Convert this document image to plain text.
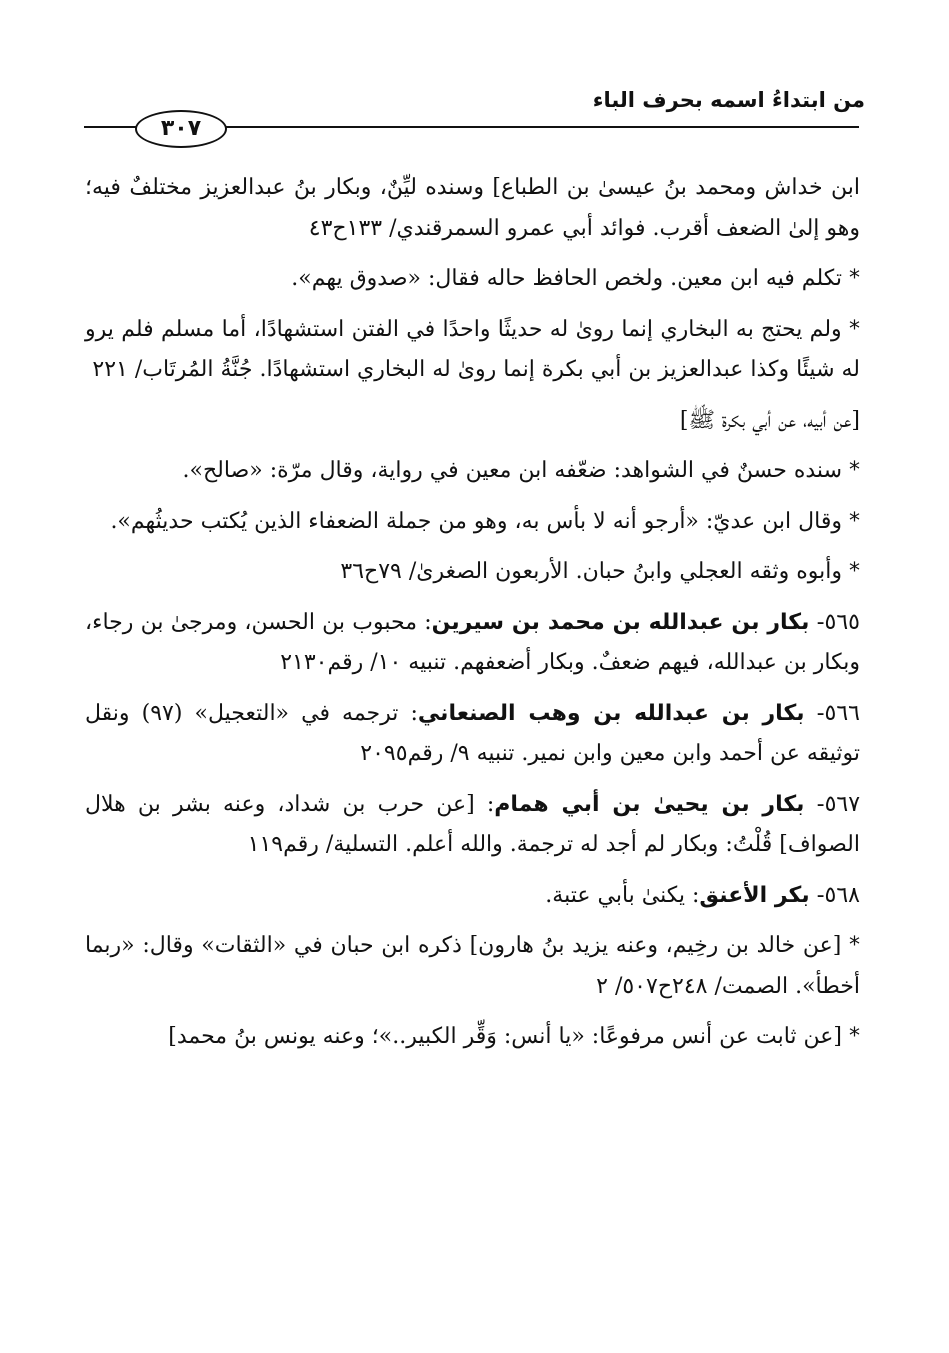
من ابتداءُ اسمه بحرف الباء
٣٠٧

ابن خداش ومحمد بنُ عيسىٰ بن الطباع] وسنده ليِّنٌ، وبكار بنُ عبدالعزيز مختلفٌ فيه؛ وهو إلىٰ الضعف أقرب. فوائد أبي عمرو السمرقندي/ ١٣٣ح٤٣

* تكلم فيه ابن معين. ولخص الحافظ حاله فقال: «صدوق يهم».

* ولم يحتج به البخاري إنما روىٰ له حديثًا واحدًا في الفتن استشهادًا، أما مسلم فلم يرو له شيئًا وكذا عبدالعزيز بن أبي بكرة إنما روىٰ له البخاري استشهادًا. جُنَّةُ المُرتَاب/ ٢٢١

[عن أبيه، عن أبي بكرة ﷺ]

* سنده حسنٌ في الشواهد: ضعّفه ابن معين في رواية، وقال مرّة: «صالح».

* وقال ابن عديّ: «أرجو أنه لا بأس به، وهو من جملة الضعفاء الذين يُكتب حديثُهم».

* وأبوه وثقه العجلي وابنُ حبان. الأربعون الصغرىٰ/ ٧٩ح٣٦

٥٦٥- بكار بن عبدالله بن محمد بن سيرين: محبوب بن الحسن، ومرجىٰ بن رجاء، وبكار بن عبدالله، فيهم ضعفٌ. وبكار أضعفهم. تنبيه ١٠/ رقم٢١٣٠

٥٦٦- بكار بن عبدالله بن وهب الصنعاني: ترجمه في «التعجيل» (٩٧) ونقل توثيقه عن أحمد وابن معين وابن نمير. تنبيه ٩/ رقم٢٠٩٥

٥٦٧- بكار بن يحيىٰ بن أبي همام: [عن حرب بن شداد، وعنه بشر بن هلال الصواف] قُلْتُ: وبكار لم أجد له ترجمة. والله أعلم. التسلية/ رقم١١٩

٥٦٨- بكر الأعنق: يكنىٰ بأبي عتبة.

* [عن خالد بن رخِيم، وعنه يزيد بنُ هارون] ذكره ابن حبان في «الثقات» وقال: «ربما أخطأ». الصمت/ ٢٤٨ح٥٠٧/ ٢

* [عن ثابت عن أنس مرفوعًا: «يا أنس: وَقِّر الكبير..»؛ وعنه يونس بنُ محمد]
